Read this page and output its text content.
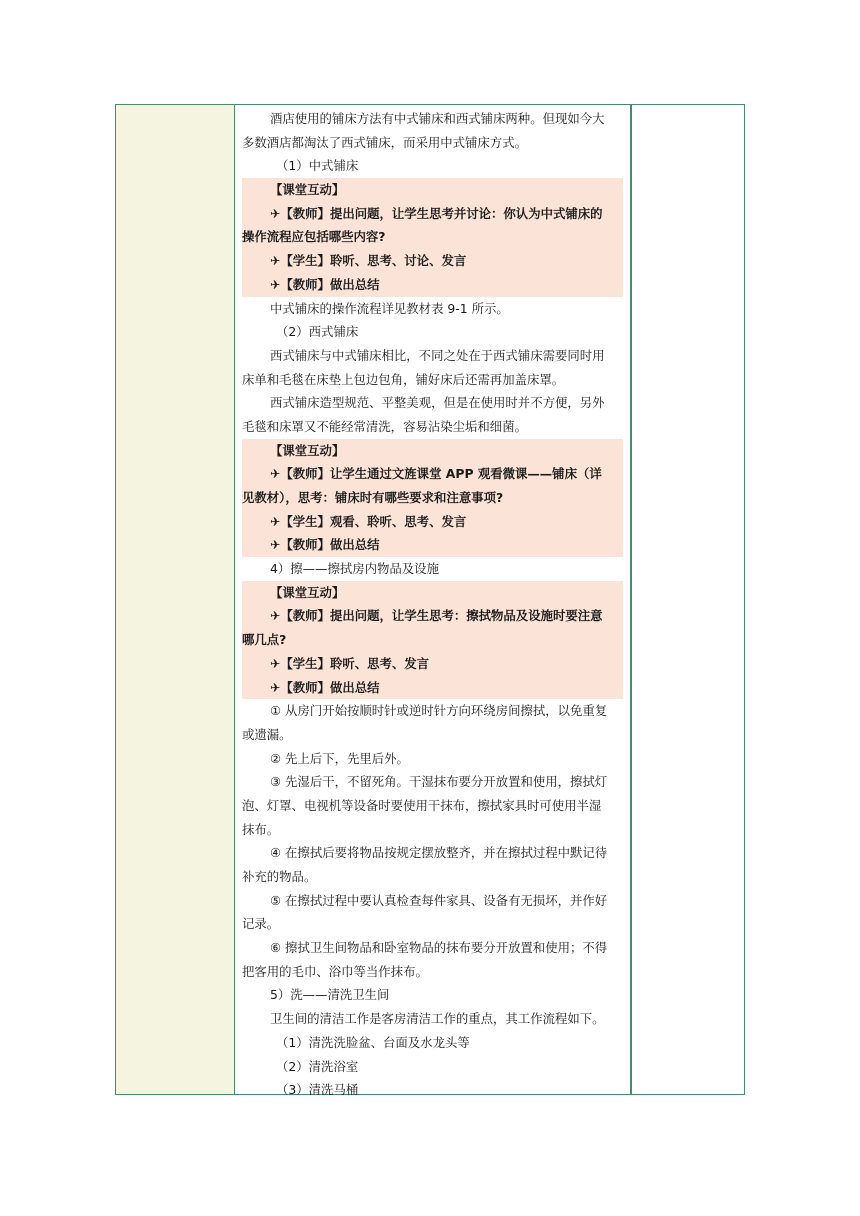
酒店使用的铺床方法有中式铺床和西式铺床两种。但现如今大
多数酒店都淘汰了西式铺床，而采用中式铺床方式。
（1）中式铺床
【课堂互动】
✈【教师】提出问题，让学生思考并讨论：你认为中式铺床的
操作流程应包括哪些内容?
✈【学生】聆听、思考、讨论、发言
✈【教师】做出总结
中式铺床的操作流程详见教材表 9-1 所示。
（2）西式铺床
西式铺床与中式铺床相比，不同之处在于西式铺床需要同时用
床单和毛毯在床垫上包边包角，铺好床后还需再加盖床罩。
西式铺床造型规范、平整美观，但是在使用时并不方便，另外
毛毯和床罩又不能经常清洗，容易沾染尘垢和细菌。
【课堂互动】
✈【教师】让学生通过文旌课堂 APP 观看微课——铺床（详
见教材），思考：铺床时有哪些要求和注意事项?
✈【学生】观看、聆听、思考、发言
✈【教师】做出总结
4）擦——擦拭房内物品及设施
【课堂互动】
✈【教师】提出问题，让学生思考：擦拭物品及设施时要注意
哪几点?
✈【学生】聆听、思考、发言
✈【教师】做出总结
① 从房门开始按顺时针或逆时针方向环绕房间擦拭，以免重复
或遗漏。
② 先上后下，先里后外。
③ 先湿后干，不留死角。干湿抹布要分开放置和使用，擦拭灯
泡、灯罩、电视机等设备时要使用干抹布，擦拭家具时可使用半湿
抹布。
④ 在擦拭后要将物品按规定摆放整齐，并在擦拭过程中默记待
补充的物品。
⑤ 在擦拭过程中要认真检查每件家具、设备有无损坏，并作好
记录。
⑥ 擦拭卫生间物品和卧室物品的抹布要分开放置和使用；不得
把客用的毛巾、浴巾等当作抹布。
5）洗——清洗卫生间
卫生间的清洁工作是客房清洁工作的重点，其工作流程如下。
（1）清洗洗脸盆、台面及水龙头等
（2）清洗浴室
（3）清洗马桶
